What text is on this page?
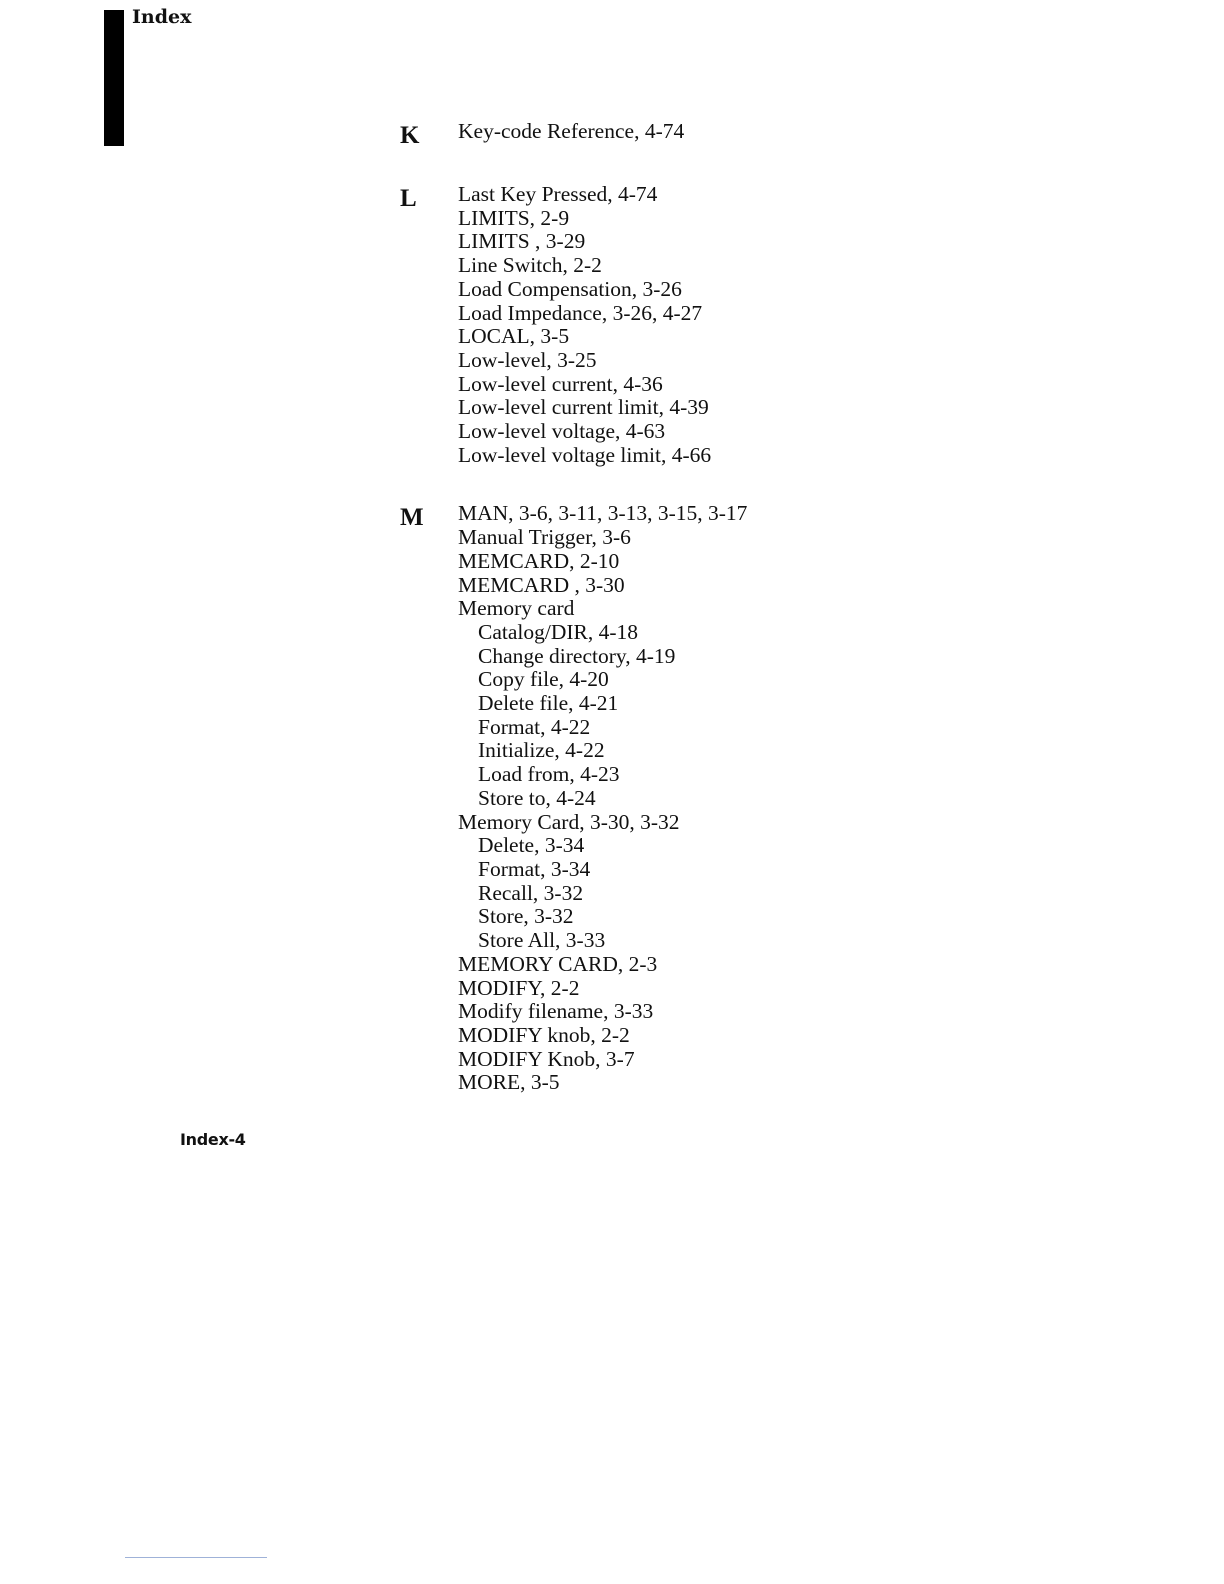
Index
K	Key-code Reference, 4-74
L	Last Key Pressed, 4-74
LIMITS, 2-9
LIMITS , 3-29
Line Switch, 2-2
Load Compensation, 3-26
Load Impedance, 3-26, 4-27
LOCAL, 3-5
Low-level, 3-25
Low-level current, 4-36
Low-level current limit, 4-39
Low-level voltage, 4-63
Low-level voltage limit, 4-66
M	MAN, 3-6, 3-11, 3-13, 3-15, 3-17
Manual Trigger, 3-6
MEMCARD, 2-10
MEMCARD , 3-30
Memory card
Catalog/DIR, 4-18
Change directory, 4-19
Copy file, 4-20
Delete file, 4-21
Format, 4-22
Initialize, 4-22
Load from, 4-23
Store to, 4-24
Memory Card, 3-30, 3-32
Delete, 3-34
Format, 3-34
Recall, 3-32
Store, 3-32
Store All, 3-33
MEMORY CARD, 2-3
MODIFY, 2-2
Modify filename, 3-33
MODIFY knob, 2-2
MODIFY Knob, 3-7
MORE, 3-5
Index-4
